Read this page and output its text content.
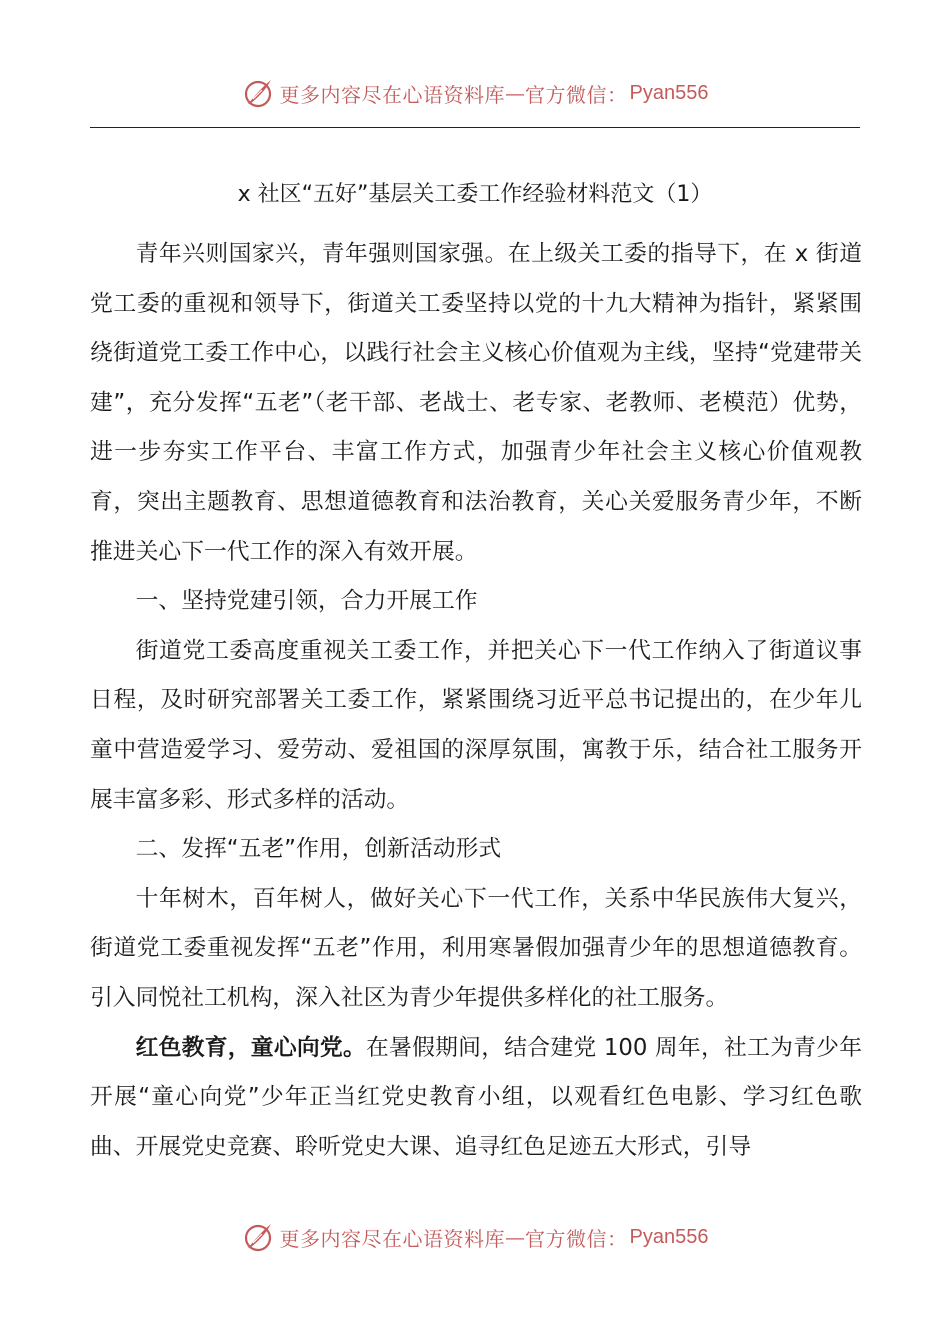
更多内容尽在心语资料库 — 官方微信： Pyan556
x 社区“五好”基层关工委工作经验材料范文（1）

青年兴则国家兴，青年强则国家强。在上级关工委的指导下，在 x 街道党工委的重视和领导下，街道关工委坚持以党的十九大精神为指针，紧紧围绕街道党工委工作中心，以践行社会主义核心价值观为主线，坚持“党建带关建”，充分发挥“五老”（老干部、老战士、老专家、老教师、老模范）优势，进一步夯实工作平台、丰富工作方式，加强青少年社会主义核心价值观教育，突出主题教育、思想道德教育和法治教育，关心关爱服务青少年，不断推进关心下一代工作的深入有效开展。

一、坚持党建引领，合力开展工作

街道党工委高度重视关工委工作，并把关心下一代工作纳入了街道议事日程，及时研究部署关工委工作，紧紧围绕习近平总书记提出的，在少年儿童中营造爱学习、爱劳动、爱祖国的深厚氛围，寓教于乐，结合社工服务开展丰富多彩、形式多样的活动。

二、发挥“五老”作用，创新活动形式

十年树木，百年树人，做好关心下一代工作，关系中华民族伟大复兴，街道党工委重视发挥“五老”作用，利用寒暑假加强青少年的思想道德教育。引入同悦社工机构，深入社区为青少年提供多样化的社工服务。

红色教育，童心向党。在暑假期间，结合建党 100 周年，社工为青少年开展“童心向党”少年正当红党史教育小组，以观看红色电影、学习红色歌曲、开展党史竞赛、聆听党史大课、追寻红色足迹五大形式，引导

更多内容尽在心语资料库 — 官方微信： Pyan556
